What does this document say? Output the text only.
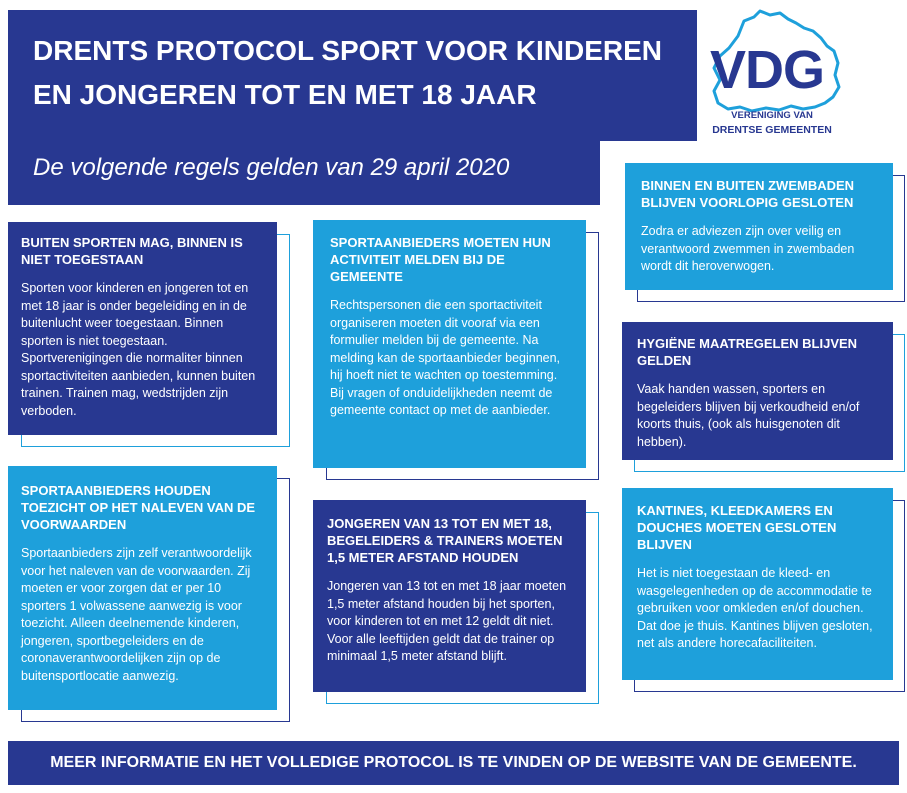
DRENTS PROTOCOL SPORT VOOR KINDEREN
EN JONGEREN TOT EN MET 18 JAAR
De volgende regels gelden van 29 april 2020
VDG
VERENIGING VAN
DRENTSE GEMEENTEN
BUITEN SPORTEN MAG, BINNEN IS NIET TOEGESTAAN
Sporten voor kinderen en jongeren tot en met 18 jaar is onder begeleiding en in de buitenlucht weer toegestaan. Binnen sporten is niet toegestaan. Sportverenigingen die normaliter binnen sportactiviteiten aanbieden, kunnen buiten trainen. Trainen mag, wedstrijden zijn verboden.
SPORTAANBIEDERS HOUDEN TOEZICHT OP HET NALEVEN VAN DE VOORWAARDEN
Sportaanbieders zijn zelf verantwoordelijk voor het naleven van de voorwaarden. Zij moeten er voor zorgen dat er per 10 sporters 1 volwassene aanwezig is voor toezicht. Alleen deelnemende kinderen, jongeren, sportbegeleiders en de coronaverantwoordelijken zijn op de buitensportlocatie aanwezig.
SPORTAANBIEDERS MOETEN HUN ACTIVITEIT MELDEN BIJ DE GEMEENTE
Rechtspersonen die een sportactiviteit organiseren moeten dit vooraf via een formulier melden bij de gemeente. Na melding kan de sportaanbieder beginnen, hij hoeft niet te wachten op toestemming. Bij vragen of onduidelijkheden neemt de gemeente contact op met de aanbieder.
JONGEREN VAN 13 TOT EN MET 18, BEGELEIDERS & TRAINERS MOETEN 1,5 METER AFSTAND HOUDEN
Jongeren van 13 tot en met 18 jaar moeten 1,5 meter afstand houden bij het sporten, voor kinderen tot en met 12 geldt dit niet. Voor alle leeftijden geldt dat de trainer op minimaal 1,5 meter afstand blijft.
BINNEN EN BUITEN ZWEMBADEN BLIJVEN VOORLOPIG GESLOTEN
Zodra er adviezen zijn over veilig en verantwoord zwemmen in zwembaden wordt dit heroverwogen.
HYGIËNE MAATREGELEN BLIJVEN GELDEN
Vaak handen wassen, sporters en begeleiders blijven bij verkoudheid en/of koorts thuis, (ook als huisgenoten dit hebben).
KANTINES, KLEEDKAMERS EN DOUCHES MOETEN GESLOTEN BLIJVEN
Het is niet toegestaan de kleed- en wasgelegenheden op de accommodatie te gebruiken voor omkleden en/of douchen. Dat doe je thuis. Kantines blijven gesloten, net als andere horecafaciliteiten.
MEER INFORMATIE EN HET VOLLEDIGE PROTOCOL IS TE VINDEN OP DE WEBSITE VAN DE GEMEENTE.
